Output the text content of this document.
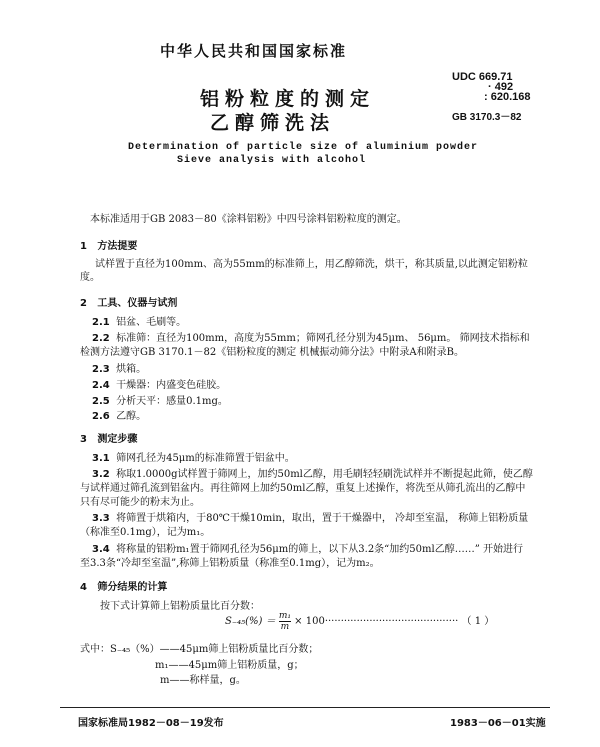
中华人民共和国国家标准
铝粉粒度的测定
乙醇筛洗法
UDC 669.71
· 492
: 620.168
GB 3170.3－82
Determination of particle size of aluminium powder
Sieve analysis with alcohol
本标准适用于GB 2083－80《涂料铝粉》中四号涂料铝粉粒度的测定。
1 方法提要
试样置于直径为100mm、高为55mm的标准筛上，用乙醇筛洗，烘干，称其质量,以此测定铝粉粒
度。
2 工具、仪器与试剂
2.1 铝盆、毛刷等。
2.2 标准筛：直径为100mm，高度为55mm；筛网孔径分别为45μm、 56μm。 筛网技术指标和
检测方法遵守GB 3170.1－82《铝粉粒度的测定 机械振动筛分法》中附录A和附录B。
2.3 烘箱。
2.4 干燥器：内盛变色硅胶。
2.5 分析天平：感量0.1mg。
2.6 乙醇。
3 测定步骤
3.1 筛网孔径为45μm的标准筛置于铝盆中。
3.2 称取1.0000g试样置于筛网上，加约50ml乙醇，用毛刷轻轻刷洗试样并不断提起此筛，使乙醇
与试样通过筛孔流到铝盆内。再往筛网上加约50ml乙醇，重复上述操作，将洗至从筛孔流出的乙醇中
只有尽可能少的粉末为止。
3.3 将筛置于烘箱内，于80℃干燥10min，取出，置于干燥器中， 冷却至室温， 称筛上铝粉质量
（称准至0.1mg），记为m₁。
3.4 将称量的铝粉m₁置于筛网孔径为56μm的筛上，以下从3.2条“加约50ml乙醇……” 开始进行
至3.3条“冷却至室温”,称筛上铝粉质量（称准至0.1mg），记为m₂。
4 筛分结果的计算
按下式计算筛上铝粉质量比百分数：
$S_{-45}(\%) = \frac{\text{m₁}}{m} \times 100\cdot\cdot\cdot\cdot\cdot\cdot\cdot\cdot\cdot\cdot\cdot\cdot\cdot\cdot\cdot\cdot\cdot\cdot\cdot\cdot\cdot\cdot\cdot\cdot\cdot\cdot\cdot\cdot\cdot\cdot\cdot\cdot\cdot\cdot\cdot\cdot\cdot\cdot\cdot\cdot\cdot\cdot$ （ 1 ）
式中：S₋₄₅（%）——45μm筛上铝粉质量比百分数；
m₁——45μm筛上铝粉质量，g；
m——称样量，g。
国家标准局1982－08－19发布	1983－06－01实施
